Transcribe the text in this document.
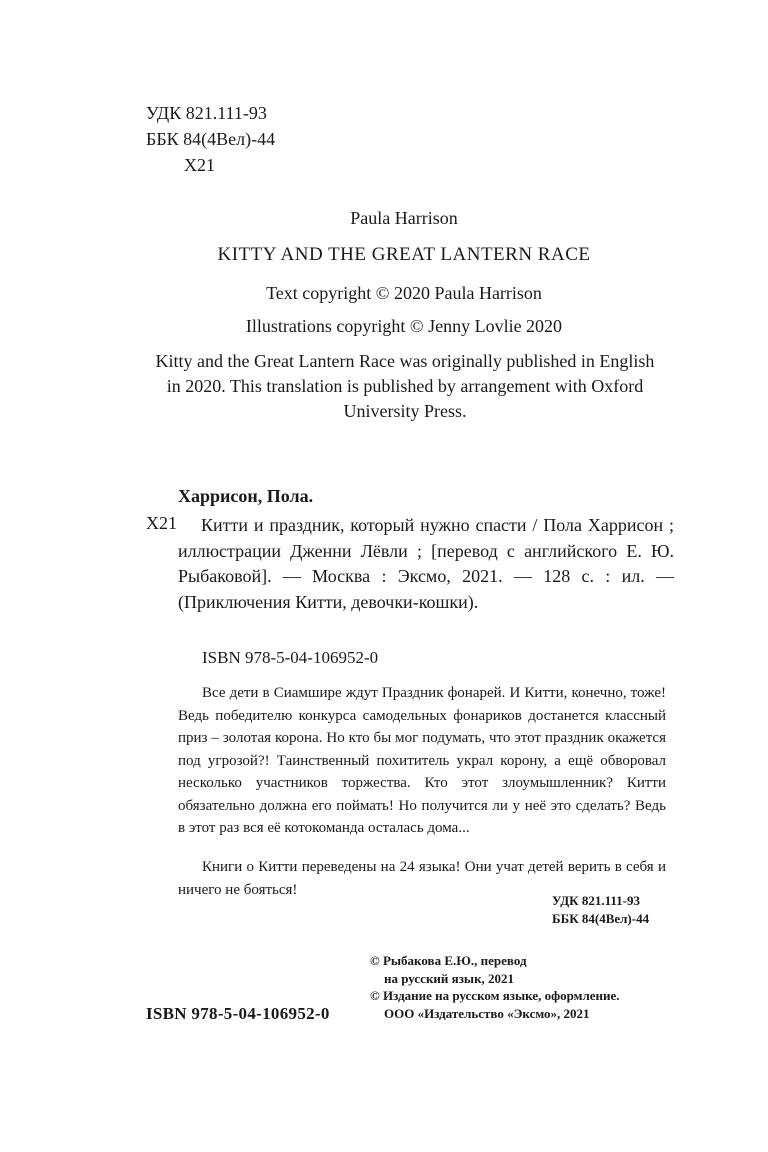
УДК 821.111-93
ББК 84(4Вел)-44
Х21
Paula Harrison
KITTY AND THE GREAT LANTERN RACE
Text copyright © 2020 Paula Harrison
Illustrations copyright © Jenny Lovlie 2020
Kitty and the Great Lantern Race was originally published in English in 2020. This translation is published by arrangement with Oxford University Press.
Харрисон, Пола.
Х21	Китти и праздник, который нужно спасти / Пола Харрисон ; иллюстрации Дженни Лёвли ; [перевод с английского Е. Ю. Рыбаковой]. — Москва : Эксмо, 2021. — 128 с. : ил. — (Приключения Китти, девочки-кошки).
ISBN 978-5-04-106952-0
Все дети в Сиамшире ждут Праздник фонарей. И Китти, конечно, тоже! Ведь победителю конкурса самодельных фонариков достанется классный приз – золотая корона. Но кто бы мог подумать, что этот праздник окажется под угрозой?! Таинственный похититель украл корону, а ещё обворовал несколько участников торжества. Кто этот злоумышленник? Китти обязательно должна его поймать! Но получится ли у неё это сделать? Ведь в этот раз вся её котокоманда осталась дома...
Книги о Китти переведены на 24 языка! Они учат детей верить в себя и ничего не бояться!
УДК 821.111-93
ББК 84(4Вел)-44
© Рыбакова Е.Ю., перевод
на русский язык, 2021
© Издание на русском языке, оформление.
ООО «Издательство «Эксмо», 2021
ISBN 978-5-04-106952-0
